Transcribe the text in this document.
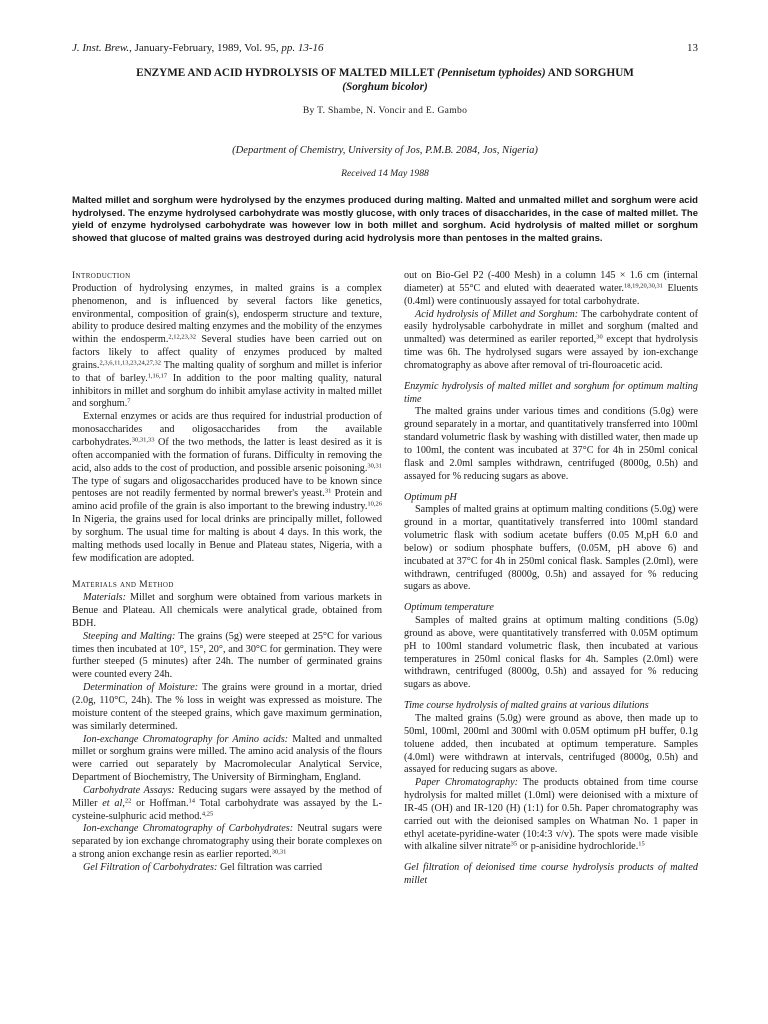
J. Inst. Brew., January-February, 1989, Vol. 95, pp. 13-16	13
ENZYME AND ACID HYDROLYSIS OF MALTED MILLET (Pennisetum typhoides) AND SORGHUM
(Sorghum bicolor)
By T. Shambe, N. Voncir and E. Gambo
(Department of Chemistry, University of Jos, P.M.B. 2084, Jos, Nigeria)
Received 14 May 1988
Malted millet and sorghum were hydrolysed by the enzymes produced during malting. Malted and unmalted millet and sorghum were acid hydrolysed. The enzyme hydrolysed carbohydrate was mostly glucose, with only traces of disaccharides, in the case of malted millet. The yield of enzyme hydrolysed carbohydrate was however low in both millet and sorghum. Acid hydrolysis of malted millet or sorghum showed that glucose of malted grains was destroyed during acid hydrolysis more than pentoses in the malted grains.
Introduction

Production of hydrolysing enzymes, in malted grains is a complex phenomenon, and is influenced by several factors like genetics, environmental, composition of grain(s), endosperm structure and texture, ability to produce desired malting enzymes and the mobility of the enzymes within the endosperm.$^{2,12,23,32}$ Several studies have been carried out on factors likely to affect quality of enzymes produced by malted grains.$^{2,3,6,11,13,23,24,27,32}$ The malting quality of sorghum and millet is inferior to that of barley.$^{1,16,17}$ In addition to the poor malting quality, natural inhibitors in millet and sorghum do inhibit amylase activity in malted millet and sorghum.$^7$

External enzymes or acids are thus required for industrial production of monosaccharides and oligosaccharides from the available carbohydrates.$^{30,31,33}$ Of the two methods, the latter is least desired as it is often accompanied with the formation of furans. Difficulty in removing the acid, also adds to the cost of production, and possible arsenic poisoning.$^{30,31}$ The type of sugars and oligosaccharides produced have to be known since pentoses are not readily fermented by normal brewer's yeast.$^{31}$ Protein and amino acid profile of the grain is also important to the brewing industry.$^{10,26}$ In Nigeria, the grains used for local drinks are principally millet, followed by sorghum. The usual time for malting is about 4 days. In this work, the malting methods used locally in Benue and Plateau states, Nigeria, with a few modification are adopted.

Materials and Method

Materials: Millet and sorghum were obtained from various markets in Benue and Plateau. All chemicals were analytical grade, obtained from BDH.

Steeping and Malting: The grains (5g) were steeped at 25°C for various times then incubated at 10°, 15°, 20°, and 30°C for germination. They were further steeped (5 minutes) after 24h. The number of germinated grains were counted every 24h.

Determination of Moisture: The grains were ground in a mortar, dried (2.0g, 110°C, 24h). The % loss in weight was expressed as moisture. The moisture content of the steeped grains, which gave maximum germination, was similarly determined.

Ion-exchange Chromatography for Amino acids: Malted and unmalted millet or sorghum grains were milled. The amino acid analysis of the flours were carried out separately by Macromolecular Analytical Service, Department of Biochemistry, The University of Birmingham, England.

Carbohydrate Assays: Reducing sugars were assayed by the method of Miller et al,$^{22}$ or Hoffman.$^{14}$ Total carbohydrate was assayed by the L-cysteine-sulphuric acid method.$^{4,25}$

Ion-exchange Chromatography of Carbohydrates: Neutral sugars were separated by ion exchange chromatography using their borate complexes on a strong anion exchange resin as earlier reported.$^{30,31}$

Gel Filtration of Carbohydrates: Gel filtration was carried

out on Bio-Gel P2 (-400 Mesh) in a column 145 × 1.6 cm (internal diameter) at 55°C and eluted with deaerated water.$^{18,19,20,30,31}$ Eluents (0.4ml) were continuously assayed for total carbohydrate.

Acid hydrolysis of Millet and Sorghum: The carbohydrate content of easily hydrolysable carbohydrate in millet and sorghum (malted and unmalted) was determined as eariler reported,$^{30}$ except that hydrolysis time was 6h. The hydrolysed sugars were assayed by ion-exchange chromatography as above after removal of tri-flouroacetic acid.

Enzymic hydrolysis of malted millet and sorghum for optimum malting time

The malted grains under various times and conditions (5.0g) were ground separately in a mortar, and quantitatively transferred into 100ml standard volumetric flask by washing with distilled water, then made up to 100ml, the content was incubated at 37°C for 4h in 250ml conical flask and 2.0ml samples withdrawn, centrifuged (8000g, 0.5h) and assayed for % reducing sugars as above.

Optimum pH

Samples of malted grains at optimum malting conditions (5.0g) were ground in a mortar, quantitatively transferred into 100ml standard volumetric flask with sodium acetate buffers (0.05 M,pH 6.0 and below) or sodium phosphate buffers, (0.05M, pH above 6) and incubated at 37°C for 4h in 250ml conical flask. Samples (2.0ml), were withdrawn, centrifuged (8000g, 0.5h) and assayed for % reducing sugars as above.

Optimum temperature

Samples of malted grains at optimum malting conditions (5.0g) ground as above, were quantitatively transferred with 0.05M optimum pH to 100ml standard volumetric flask, then incubated at various temperatures in 250ml conical flasks for 4h. Samples (2.0ml) were withdrawn, centrifuged (8000g, 0.5h) and assayed for % reducing sugars as above.

Time course hydrolysis of malted grains at various dilutions

The malted grains (5.0g) were ground as above, then made up to 50ml, 100ml, 200ml and 300ml with 0.05M optimum pH buffer, 0.1g toluene added, then incubated at optimum temperature. Samples (4.0ml) were withdrawn at intervals, centrifuged (8000g, 0.5h) and assayed for reducing sugars as above.

Paper Chromatography: The products obtained from time course hydrolysis for malted millet (1.0ml) were deionised with a mixture of IR-45 (OH) and IR-120 (H) (1:1) for 0.5h. Paper chromatography was carried out with the deionised samples on Whatman No. 1 paper in ethyl acetate-pyridine-water (10:4:3 v/v). The spots were made visible with alkaline silver nitrate$^{35}$ or p-anisidine hydrochloride.$^{15}$

Gel filtration of deionised time course hydrolysis products of malted millet
